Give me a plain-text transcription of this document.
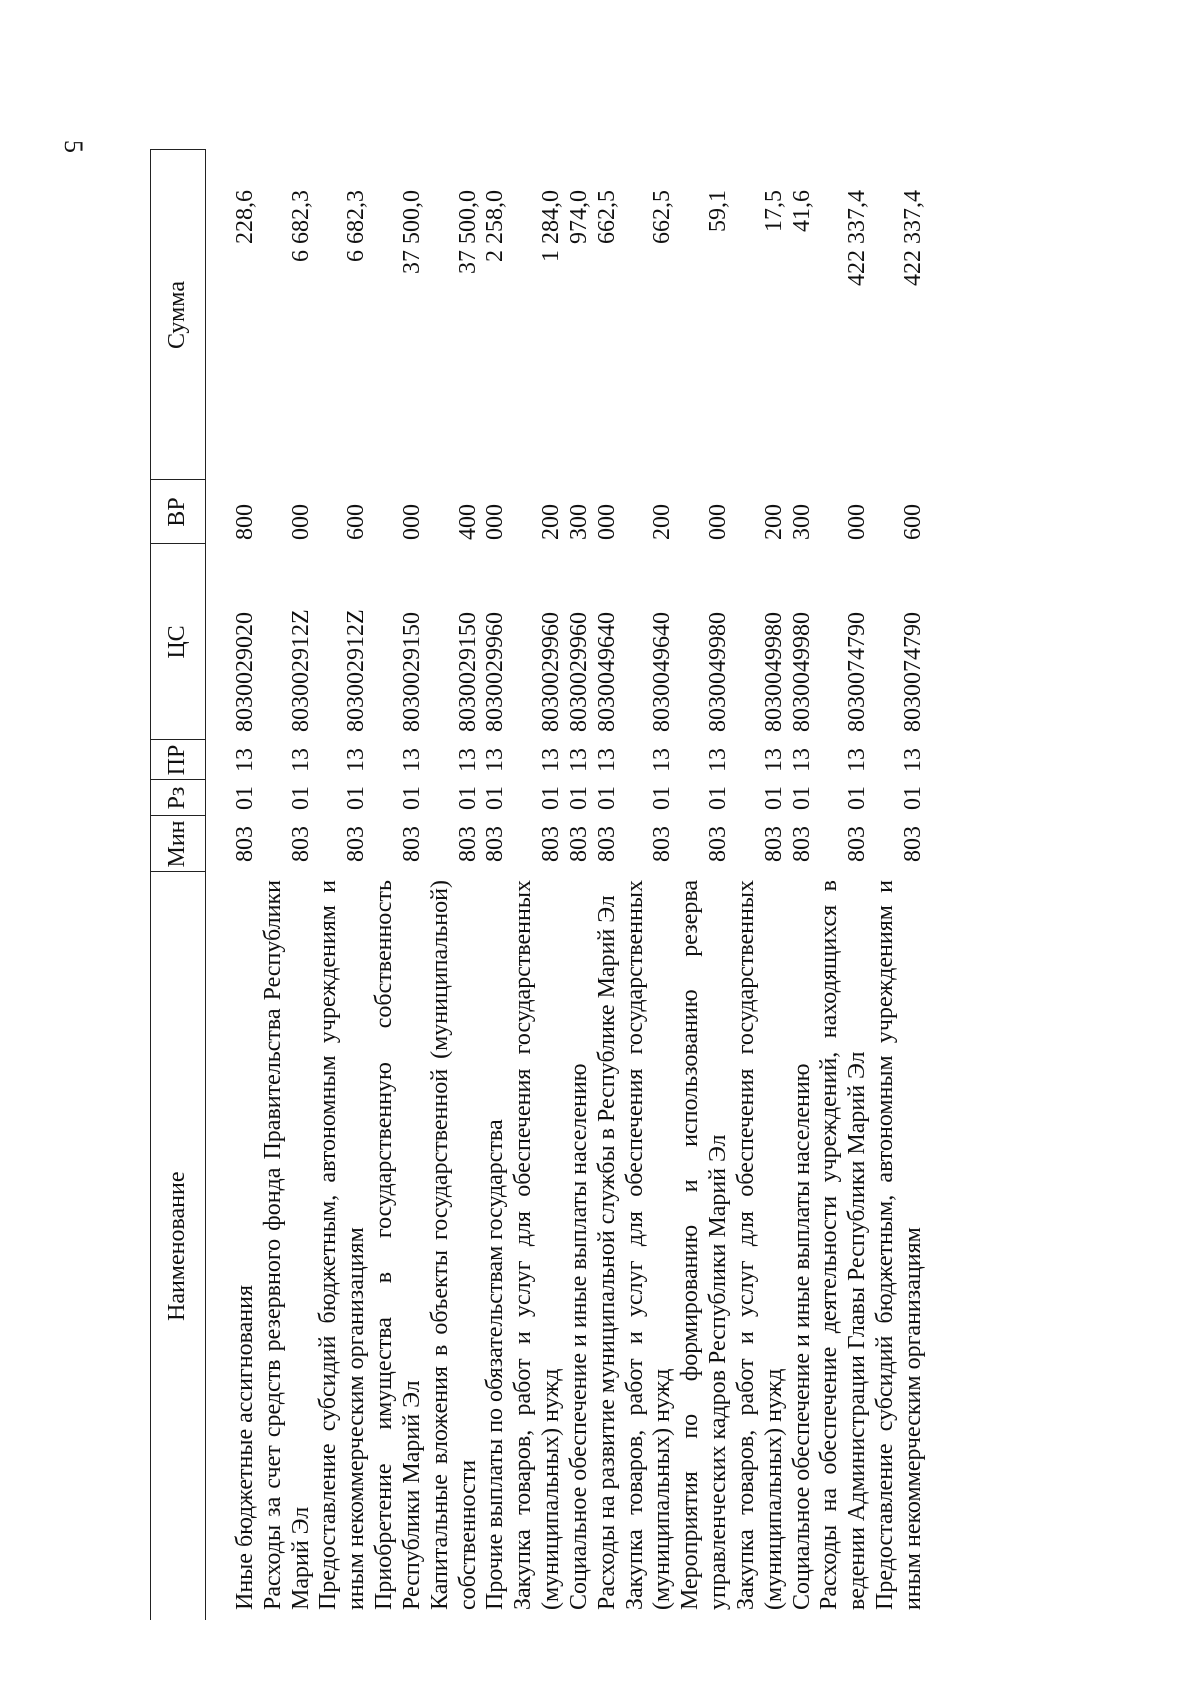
5
Наименование	Мин	Рз	ПР	ЦС	ВР	Сумма
Иные бюджетные ассигнования	803	01	13	8030029020	800	228,6
Расходы за счет средств резервного фонда Правительства Республики Марий Эл	803	01	13	803002912Z	000	6 682,3
Предоставление субсидий бюджетным, автономным учреждениям и иным некоммерческим организациям	803	01	13	803002912Z	600	6 682,3
Приобретение имущества в государственную собственность Республики Марий Эл	803	01	13	8030029150	000	37 500,0
Капитальные вложения в объекты государственной (муниципальной) собственности	803	01	13	8030029150	400	37 500,0
Прочие выплаты по обязательствам государства	803	01	13	8030029960	000	2 258,0
Закупка товаров, работ и услуг для обеспечения государственных (муниципальных) нужд	803	01	13	8030029960	200	1 284,0
Социальное обеспечение и иные выплаты населению	803	01	13	8030029960	300	974,0
Расходы на развитие муниципальной службы в Республике Марий Эл	803	01	13	8030049640	000	662,5
Закупка товаров, работ и услуг для обеспечения государственных (муниципальных) нужд	803	01	13	8030049640	200	662,5
Мероприятия по формированию и использованию резерва управленческих кадров Республики Марий Эл	803	01	13	8030049980	000	59,1
Закупка товаров, работ и услуг для обеспечения государственных (муниципальных) нужд	803	01	13	8030049980	200	17,5
Социальное обеспечение и иные выплаты населению	803	01	13	8030049980	300	41,6
Расходы на обеспечение деятельности учреждений, находящихся в ведении Администрации Главы Республики Марий Эл	803	01	13	8030074790	000	422 337,4
Предоставление субсидий бюджетным, автономным учреждениям и иным некоммерческим организациям	803	01	13	8030074790	600	422 337,4
